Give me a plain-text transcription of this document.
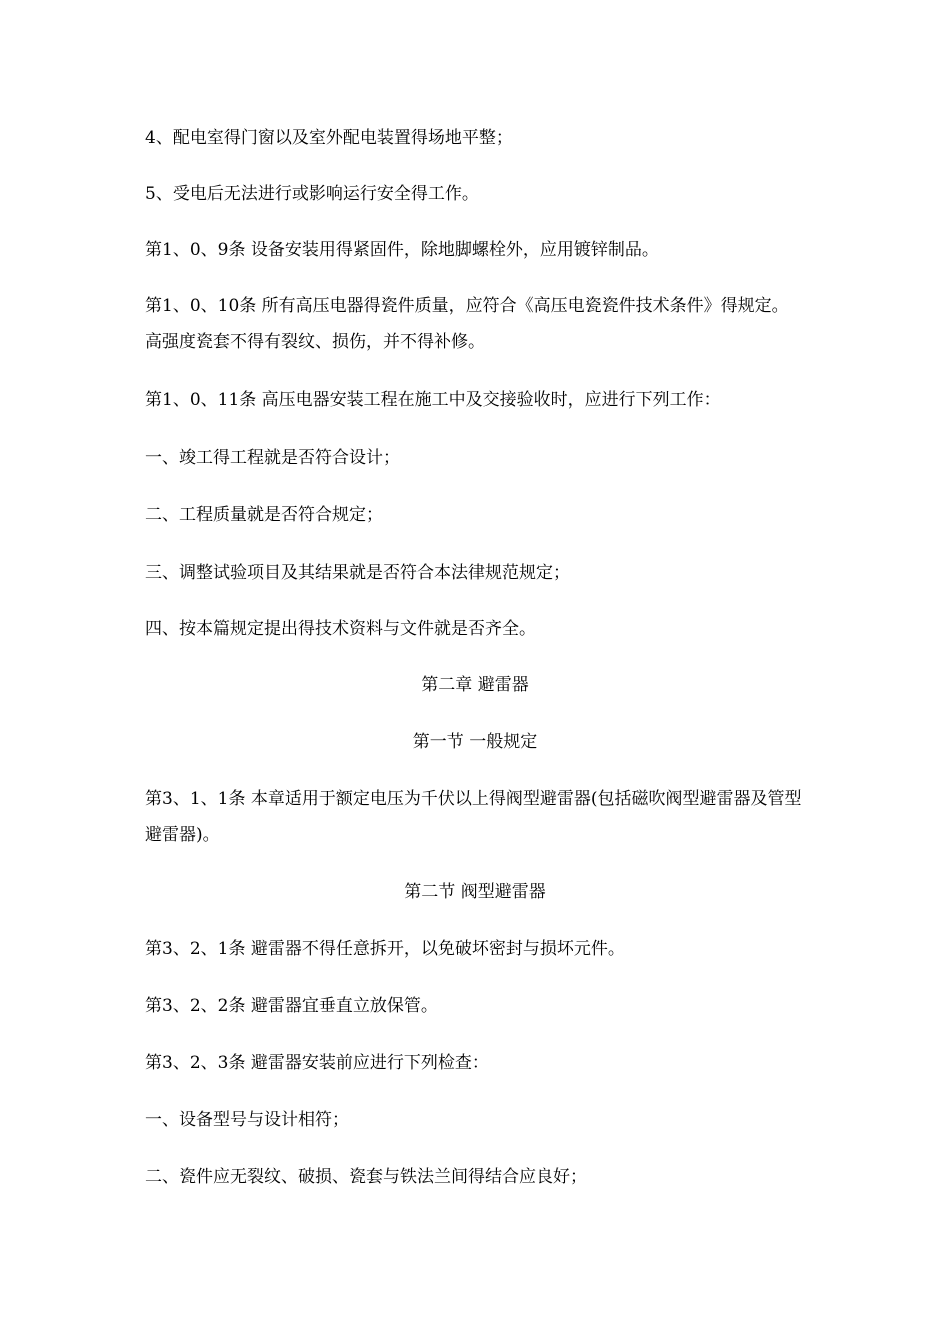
4、配电室得门窗以及室外配电装置得场地平整；

5、受电后无法进行或影响运行安全得工作。

第1、0、9条 设备安装用得紧固件，除地脚螺栓外，应用镀锌制品。

第1、0、10条 所有高压电器得瓷件质量，应符合《高压电瓷瓷件技术条件》得规定。高强度瓷套不得有裂纹、损伤，并不得补修。

第1、0、11条 高压电器安装工程在施工中及交接验收时，应进行下列工作：

一、竣工得工程就是否符合设计；

二、工程质量就是否符合规定；

三、调整试验项目及其结果就是否符合本法律规范规定；

四、按本篇规定提出得技术资料与文件就是否齐全。

第二章 避雷器

第一节 一般规定

第3、1、1条 本章适用于额定电压为千伏以上得阀型避雷器(包括磁吹阀型避雷器及管型避雷器)。

第二节 阀型避雷器

第3、2、1条 避雷器不得任意拆开，以免破坏密封与损坏元件。

第3、2、2条 避雷器宜垂直立放保管。

第3、2、3条 避雷器安装前应进行下列检查：

一、设备型号与设计相符；

二、瓷件应无裂纹、破损、瓷套与铁法兰间得结合应良好；
